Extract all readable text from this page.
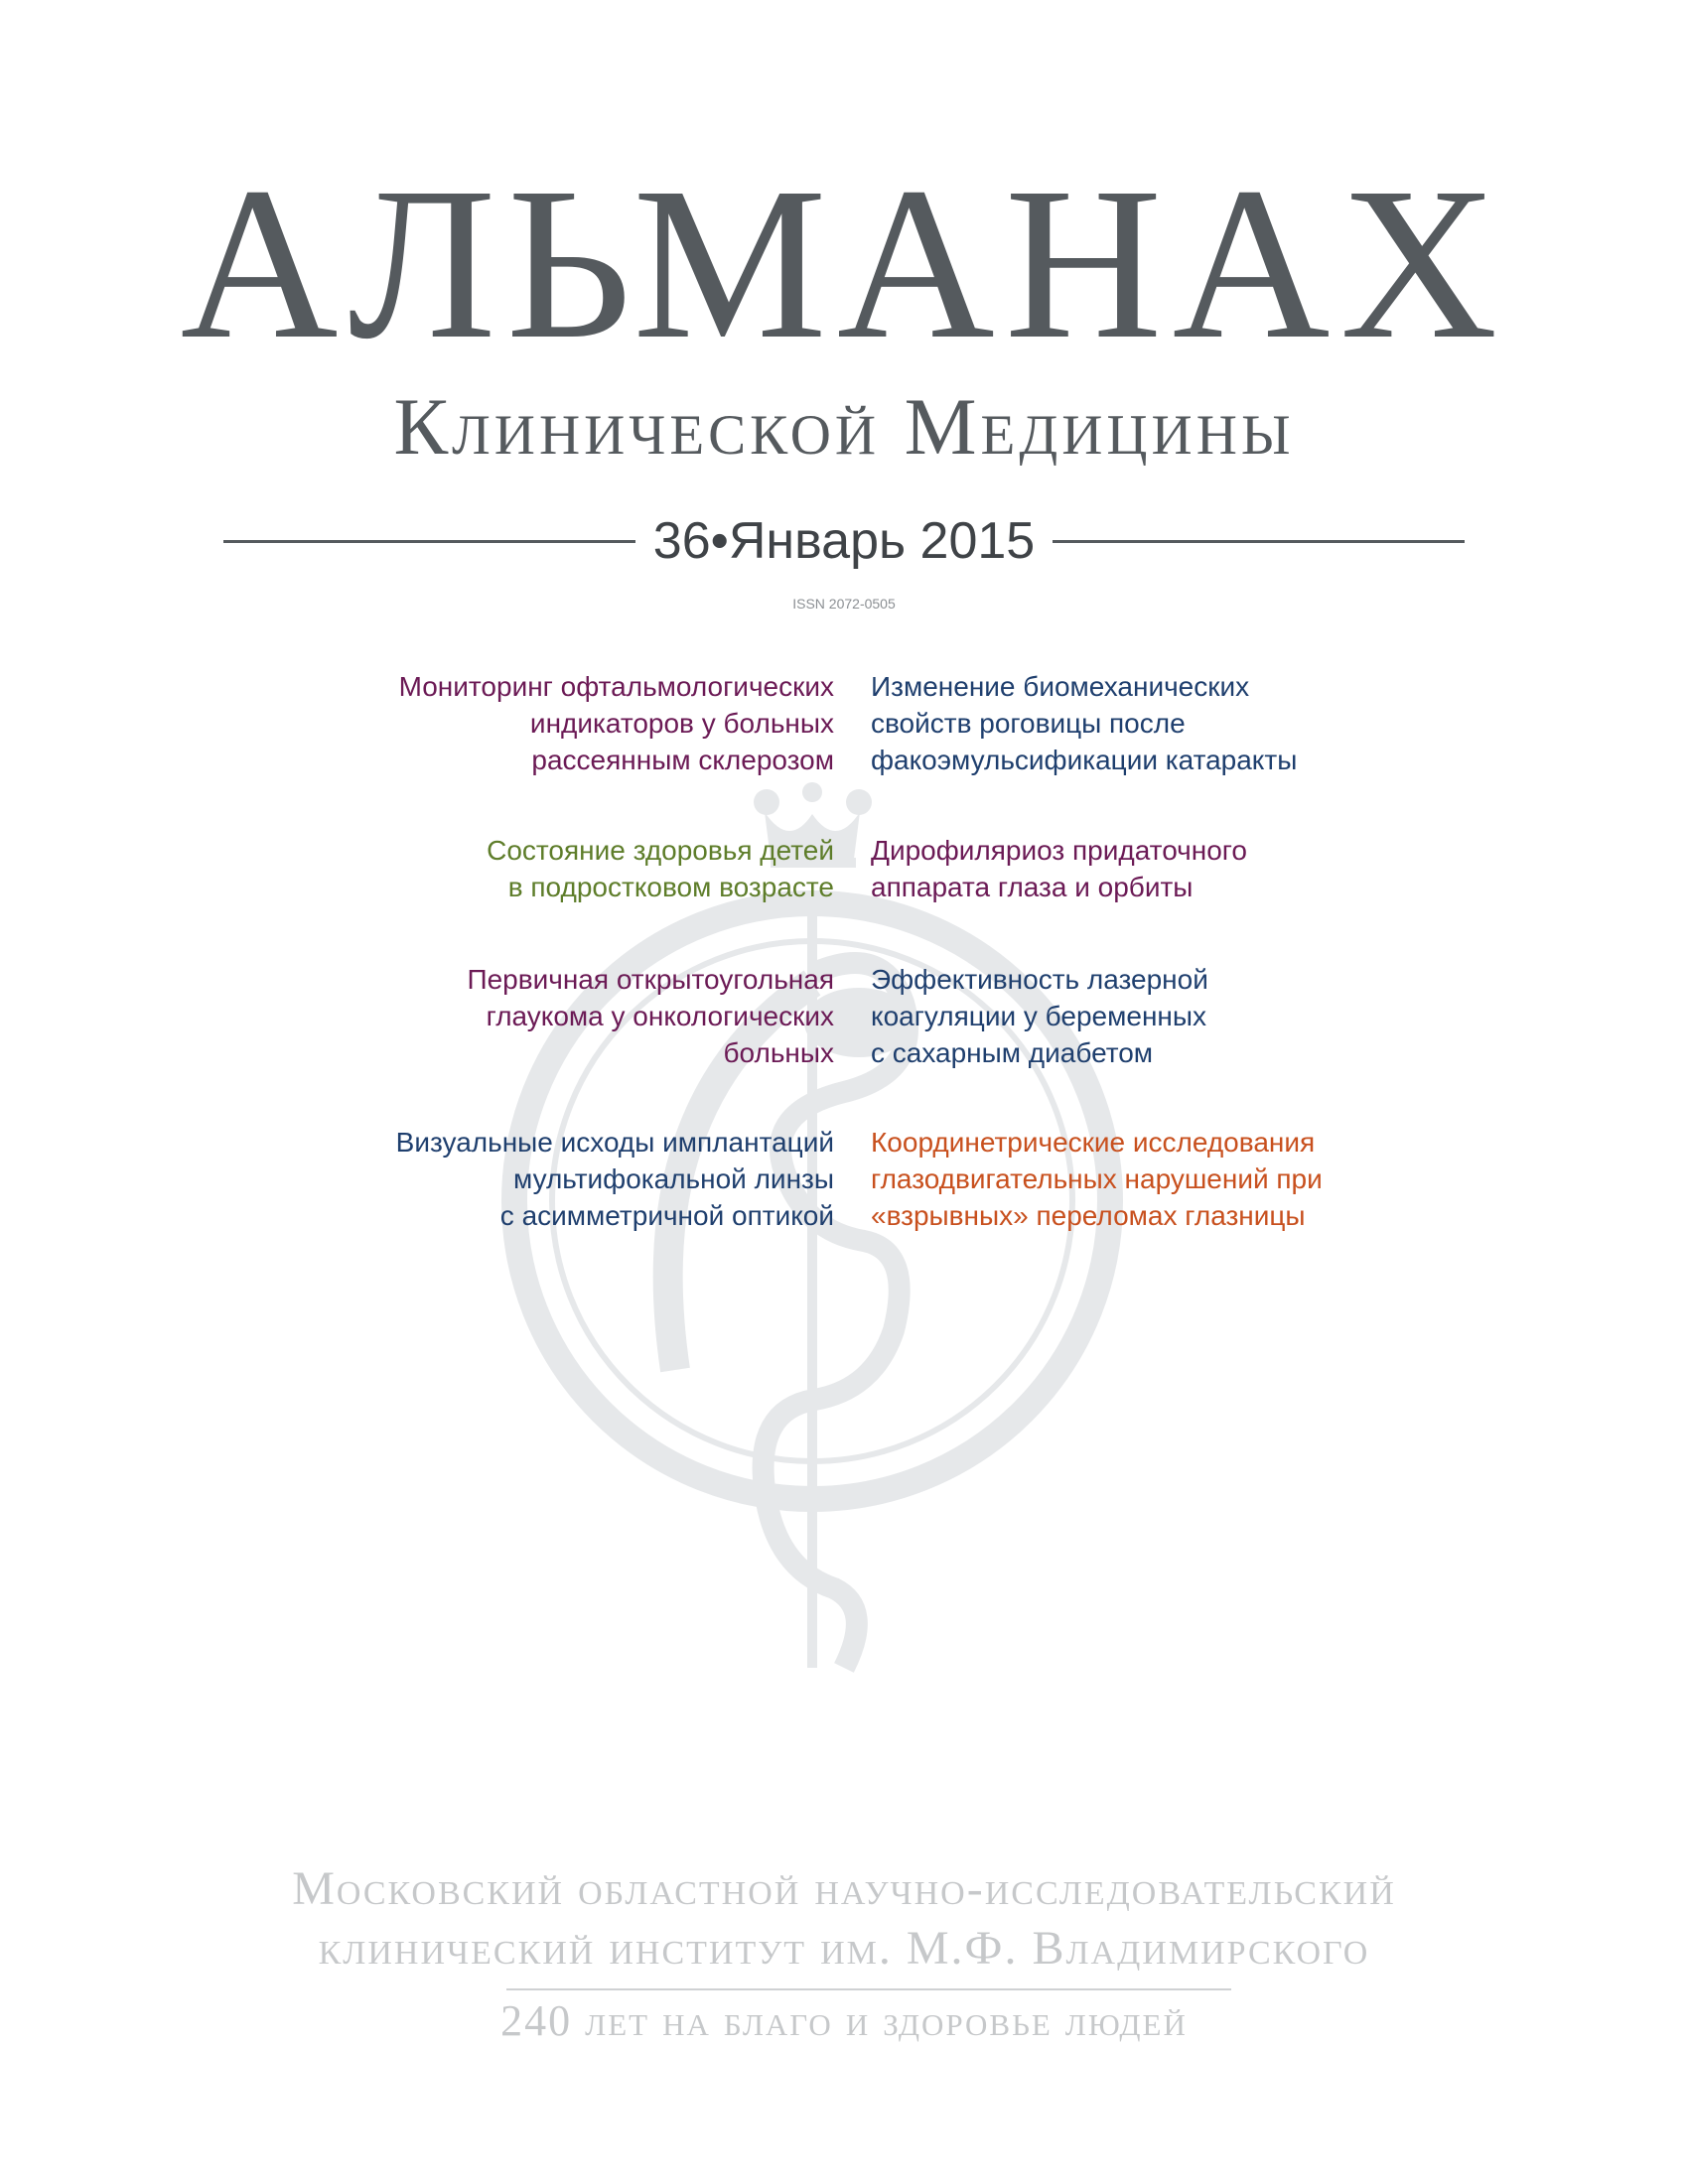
АЛЬМАНАХ
Клинической Медицины
36•Январь 2015
ISSN 2072-0505
Мониторинг офтальмологических
индикаторов у больных
рассеянным склерозом
Изменение биомеханических
свойств роговицы после
факоэмульсификации катаракты
Состояние здоровья детей
в подростковом возрасте
Дирофиляриоз придаточного
аппарата глаза и орбиты
Первичная открытоугольная
глаукома у онкологических
больных
Эффективность лазерной
коагуляции у беременных
с сахарным диабетом
Визуальные исходы имплантаций
мультифокальной линзы
с асимметричной оптикой
Координетрические исследования
глазодвигательных нарушений при
«взрывных» переломах глазницы
Московский областной научно-исследовательский
клинический институт им. М.Ф. Владимирского
240 лет на благо и здоровье людей
